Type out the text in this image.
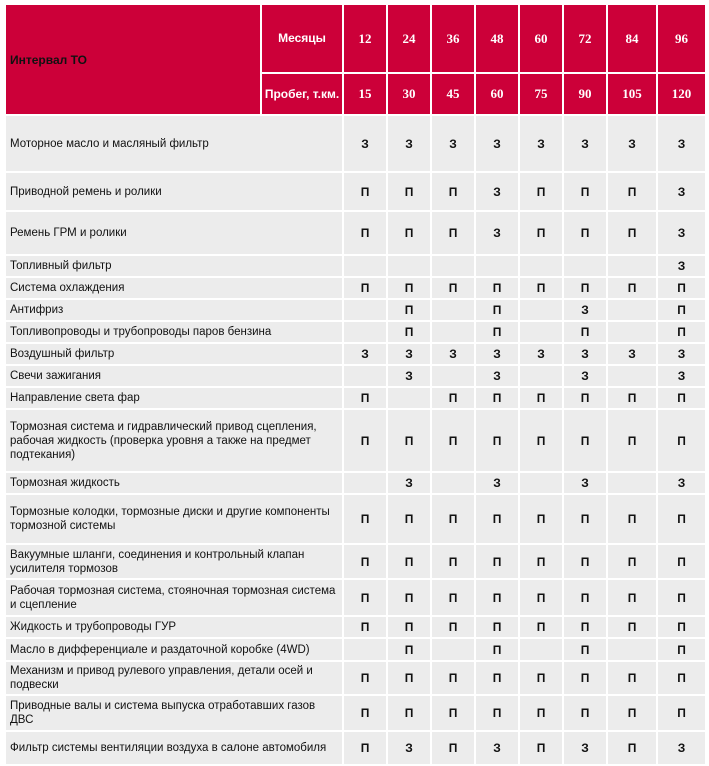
Интервал ТО	Месяцы	12	24	36	48	60	72	84	96
	Пробег, т.км.	15	30	45	60	75	90	105	120
Моторное масло и масляный фильтр		З	З	З	З	З	З	З	З
Приводной ремень и ролики		П	П	П	З	П	П	П	З
Ремень ГРМ и ролики		П	П	П	З	П	П	П	З
Топливный фильтр									З
Система охлаждения		П	П	П	П	П	П	П	П
Антифриз			П		П		З		П
Топливопроводы и трубопроводы паров бензина			П		П		П		П
Воздушный фильтр		З	З	З	З	З	З	З	З
Свечи зажигания			З		З		З		З
Направление света фар		П		П	П	П	П	П	П
Тормозная система и гидравлический привод сцепления, рабочая жидкость (проверка уровня а также на предмет подтекания)		П	П	П	П	П	П	П	П
Тормозная жидкость			З		З		З		З
Тормозные колодки, тормозные диски и другие компоненты тормозной системы		П	П	П	П	П	П	П	П
Вакуумные шланги, соединения и контрольный клапан усилителя тормозов		П	П	П	П	П	П	П	П
Рабочая тормозная система, стояночная тормозная система и сцепление		П	П	П	П	П	П	П	П
Жидкость и трубопроводы ГУР		П	П	П	П	П	П	П	П
Масло в дифференциале и раздаточной коробке (4WD)			П		П		П		П
Механизм и привод рулевого управления, детали осей и подвески		П	П	П	П	П	П	П	П
Приводные валы и система выпуска отработавших газов ДВС		П	П	П	П	П	П	П	П
Фильтр системы вентиляции воздуха в салоне автомобиля		П	З	П	З	П	З	П	З
